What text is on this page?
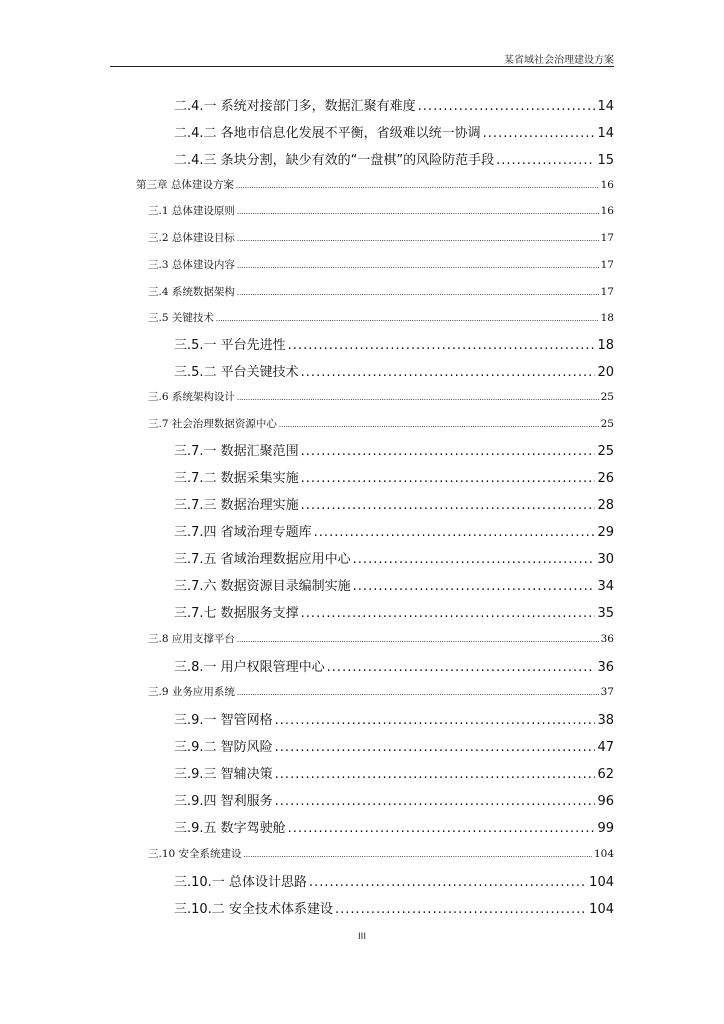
某省域社会治理建设方案
二.4.一 系统对接部门多，数据汇聚有难度 .....	14
二.4.二 各地市信息化发展不平衡，省级难以统一协调 .....	14
二.4.三 条块分割，缺少有效的“一盘棋”的风险防范手段 .....	15
第三章 总体建设方案 .....	16
三.1 总体建设原则 .....	16
三.2 总体建设目标 .....	17
三.3 总体建设内容 .....	17
三.4 系统数据架构 .....	17
三.5 关键技术 .....	18
三.5.一 平台先进性 .....	18
三.5.二 平台关键技术 .....	20
三.6 系统架构设计 .....	25
三.7 社会治理数据资源中心 .....	25
三.7.一 数据汇聚范围 .....	25
三.7.二 数据采集实施 .....	26
三.7.三 数据治理实施 .....	28
三.7.四 省域治理专题库 .....	29
三.7.五 省域治理数据应用中心 .....	30
三.7.六 数据资源目录编制实施 .....	34
三.7.七 数据服务支撑 .....	35
三.8 应用支撑平台 .....	36
三.8.一 用户权限管理中心 .....	36
三.9 业务应用系统 .....	37
三.9.一 智管网格 .....	38
三.9.二 智防风险 .....	47
三.9.三 智辅决策 .....	62
三.9.四 智利服务 .....	96
三.9.五 数字驾驶舱 .....	99
三.10 安全系统建设 .....	104
三.10.一 总体设计思路 .....	104
三.10.二 安全技术体系建设 .....	104
III
